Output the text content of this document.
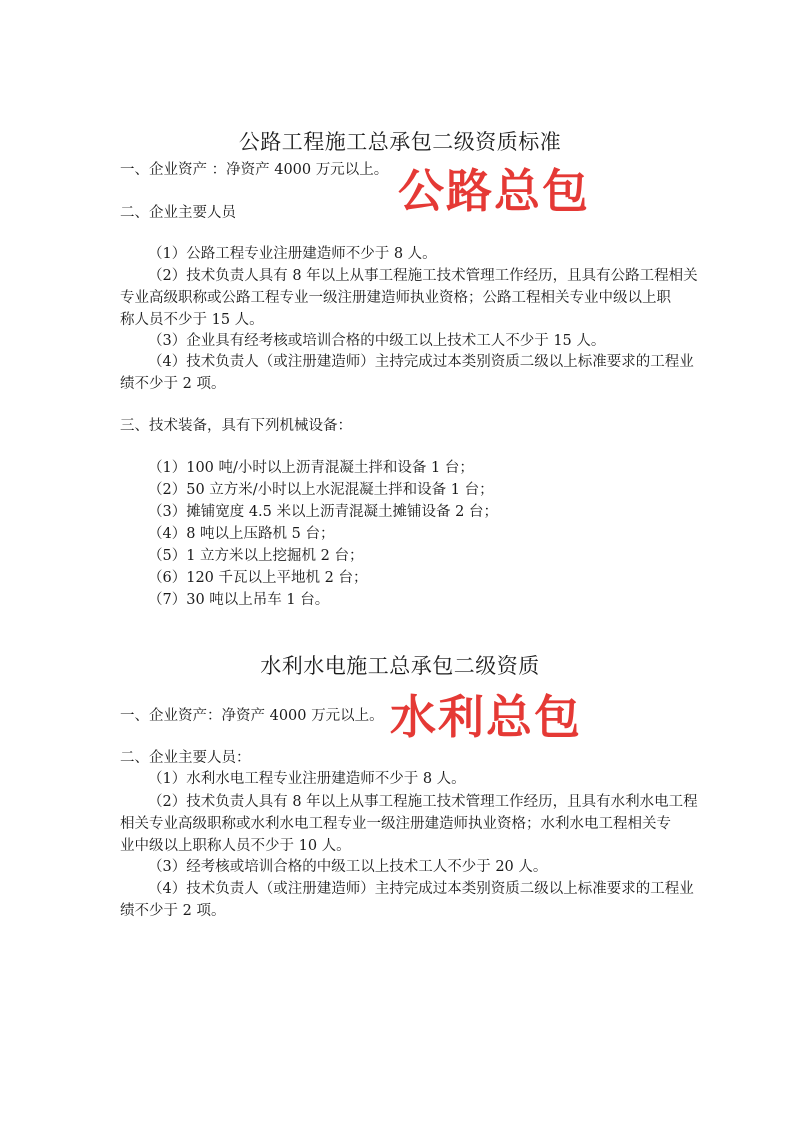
公路工程施工总承包二级资质标准

一、企业资产 ：净资产 4000 万元以上。 公路总包

二、企业主要人员

（1）公路工程专业注册建造师不少于 8 人。

（2）技术负责人具有 8 年以上从事工程施工技术管理工作经历，且具有公路工程相关

专业高级职称或公路工程专业一级注册建造师执业资格；公路工程相关专业中级以上职

称人员不少于 15 人。

（3）企业具有经考核或培训合格的中级工以上技术工人不少于 15 人。

（4）技术负责人（或注册建造师）主持完成过本类别资质二级以上标准要求的工程业

绩不少于 2 项。

三、技术装备，具有下列机械设备：

（1）100 吨/小时以上沥青混凝土拌和设备 1 台；

（2）50 立方米/小时以上水泥混凝土拌和设备 1 台；

（3）摊铺宽度 4.5 米以上沥青混凝土摊铺设备 2 台；

（4）8 吨以上压路机 5 台；

（5）1 立方米以上挖掘机 2 台；

（6）120 千瓦以上平地机 2 台；

（7）30 吨以上吊车 1 台。

水利水电施工总承包二级资质

一、企业资产：净资产 4000 万元以上。 水利总包

二、企业主要人员：

（1）水利水电工程专业注册建造师不少于 8 人。

（2）技术负责人具有 8 年以上从事工程施工技术管理工作经历，且具有水利水电工程

相关专业高级职称或水利水电工程专业一级注册建造师执业资格；水利水电工程相关专

业中级以上职称人员不少于 10 人。

（3）经考核或培训合格的中级工以上技术工人不少于 20 人。

（4）技术负责人（或注册建造师）主持完成过本类别资质二级以上标准要求的工程业

绩不少于 2 项。
